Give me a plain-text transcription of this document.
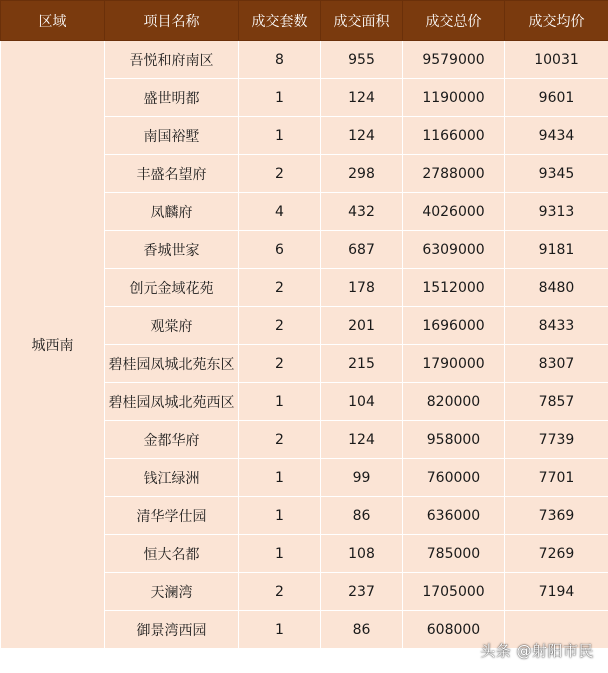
区域	项目名称	成交套数	成交面积	成交总价	成交均价
城西南	吾悦和府南区	8	955	9579000	10031
	盛世明都	1	124	1190000	9601
	南国裕墅	1	124	1166000	9434
	丰盛名望府	2	298	2788000	9345
	凤麟府	4	432	4026000	9313
	香城世家	6	687	6309000	9181
	创元金域花苑	2	178	1512000	8480
	观棠府	2	201	1696000	8433
	碧桂园凤城北苑东区	2	215	1790000	8307
	碧桂园凤城北苑西区	1	104	820000	7857
	金都华府	2	124	958000	7739
	钱江绿洲	1	99	760000	7701
	清华学仕园	1	86	636000	7369
	恒大名都	1	108	785000	7269
	天澜湾	2	237	1705000	7194
	御景湾西园	1	86	608000	
头条 @射阳市民
